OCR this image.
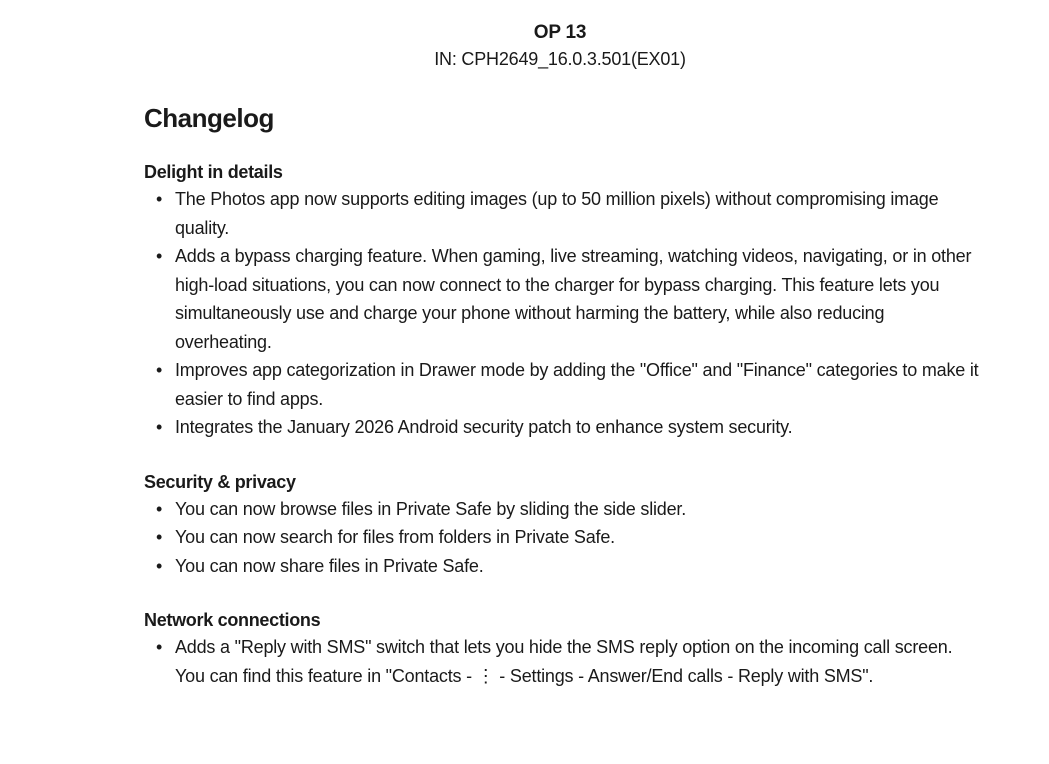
OP 13
IN: CPH2649_16.0.3.501(EX01)
Changelog
Delight in details
• The Photos app now supports editing images (up to 50 million pixels) without compromising image quality.
• Adds a bypass charging feature. When gaming, live streaming, watching videos, navigating, or in other high-load situations, you can now connect to the charger for bypass charging. This feature lets you simultaneously use and charge your phone without harming the battery, while also reducing overheating.
• Improves app categorization in Drawer mode by adding the "Office" and "Finance" categories to make it easier to find apps.
• Integrates the January 2026 Android security patch to enhance system security.
Security & privacy
• You can now browse files in Private Safe by sliding the side slider.
• You can now search for files from folders in Private Safe.
• You can now share files in Private Safe.
Network connections
• Adds a "Reply with SMS" switch that lets you hide the SMS reply option on the incoming call screen. You can find this feature in "Contacts - ⋮ - Settings - Answer/End calls - Reply with SMS".
